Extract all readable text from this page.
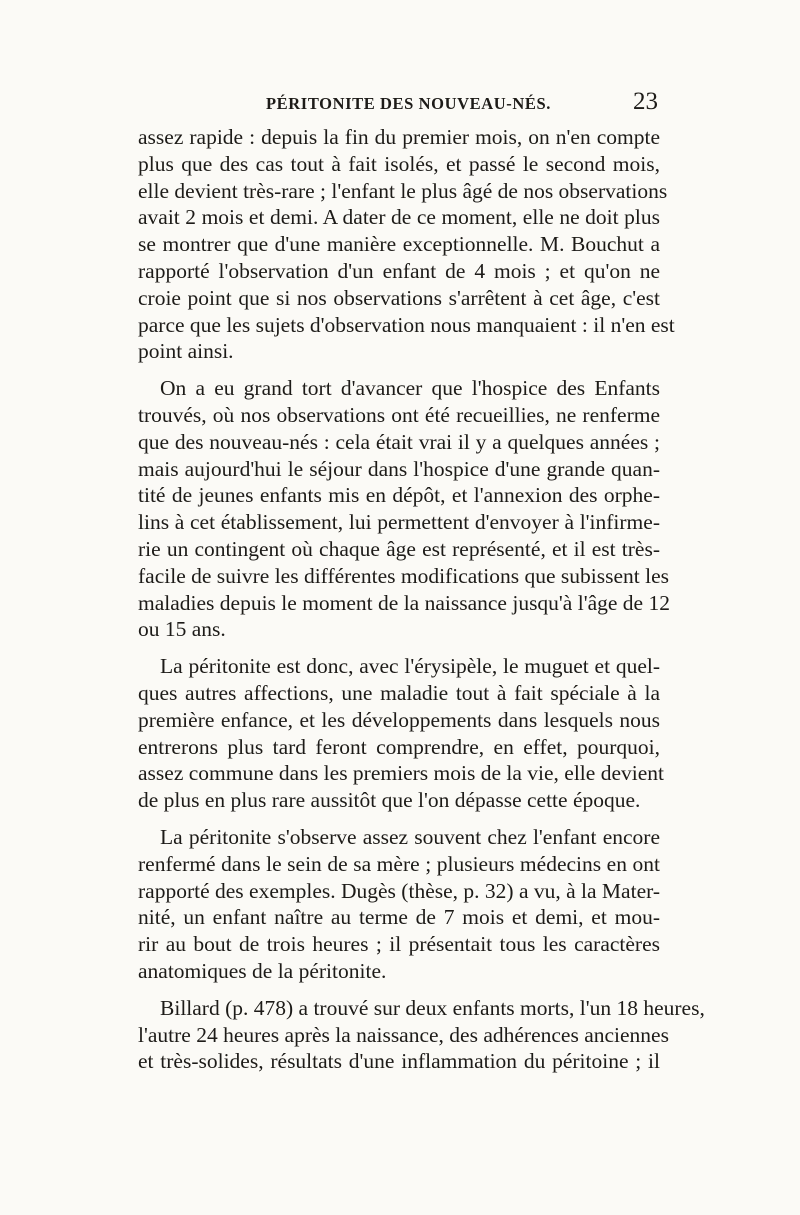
PÉRITONITE DES NOUVEAU-NÉS.	23
assez rapide : depuis la fin du premier mois, on n'en compte
plus que des cas tout à fait isolés, et passé le second mois,
elle devient très-rare ; l'enfant le plus âgé de nos observations
avait 2 mois et demi. A dater de ce moment, elle ne doit plus
se montrer que d'une manière exceptionnelle. M. Bouchut a
rapporté l'observation d'un enfant de 4 mois ; et qu'on ne
croie point que si nos observations s'arrêtent à cet âge, c'est
parce que les sujets d'observation nous manquaient : il n'en est
point ainsi.
On a eu grand tort d'avancer que l'hospice des Enfants
trouvés, où nos observations ont été recueillies, ne renferme
que des nouveau-nés : cela était vrai il y a quelques années ;
mais aujourd'hui le séjour dans l'hospice d'une grande quan-
tité de jeunes enfants mis en dépôt, et l'annexion des orphe-
lins à cet établissement, lui permettent d'envoyer à l'infirme-
rie un contingent où chaque âge est représenté, et il est très-
facile de suivre les différentes modifications que subissent les
maladies depuis le moment de la naissance jusqu'à l'âge de 12
ou 15 ans.
La péritonite est donc, avec l'érysipèle, le muguet et quel-
ques autres affections, une maladie tout à fait spéciale à la
première enfance, et les développements dans lesquels nous
entrerons plus tard feront comprendre, en effet, pourquoi,
assez commune dans les premiers mois de la vie, elle devient
de plus en plus rare aussitôt que l'on dépasse cette époque.
La péritonite s'observe assez souvent chez l'enfant encore
renfermé dans le sein de sa mère ; plusieurs médecins en ont
rapporté des exemples. Dugès (thèse, p. 32) a vu, à la Mater-
nité, un enfant naître au terme de 7 mois et demi, et mou-
rir au bout de trois heures ; il présentait tous les caractères
anatomiques de la péritonite.
Billard (p. 478) a trouvé sur deux enfants morts, l'un 18 heures,
l'autre 24 heures après la naissance, des adhérences anciennes
et très-solides, résultats d'une inflammation du péritoine ; il
